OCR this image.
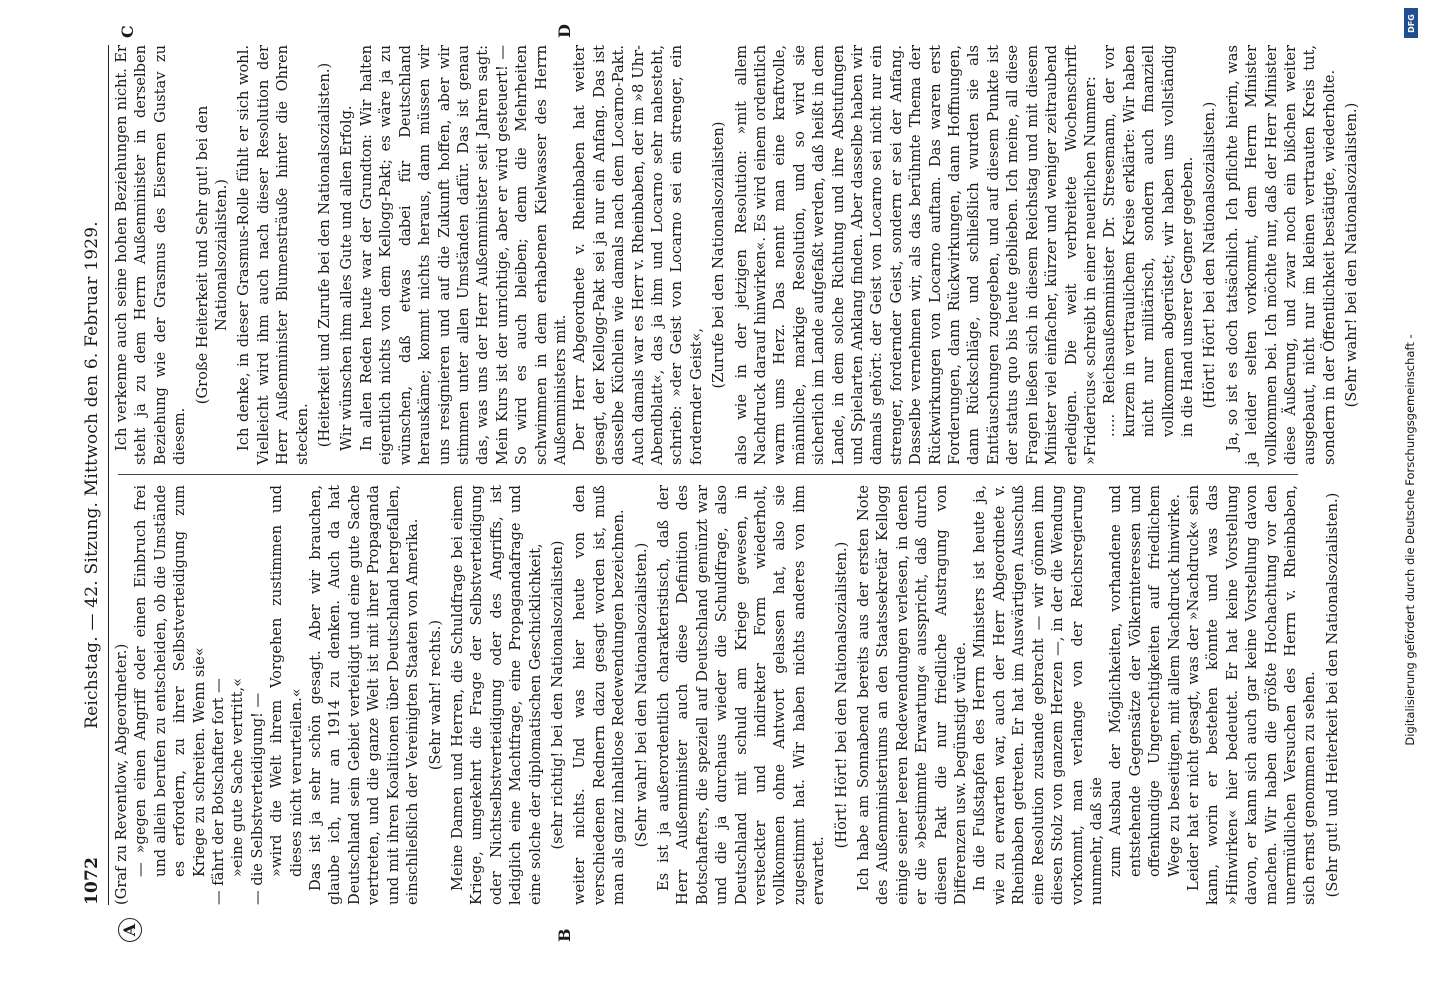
1072
Reichstag. — 42. Sitzung. Mittwoch den 6. Februar 1929.
A	B
C	D

(Graf zu Reventlow, Abgeordneter.) — »gegen einen Angriff oder einen Einbruch frei und allein berufen zu entscheiden, ob die Umstände es erfordern, zu ihrer Selbstverteidigung zum Kriege zu schreiten. Wenn sie« — fährt der Botschafter fort — »eine gute Sache vertritt,« — die Selbstverteidigung! — »wird die Welt ihrem Vorgehen zustimmen und dieses nicht verurteilen.« Das ist ja sehr schön gesagt. Aber wir brauchen, glaube ich, nur an 1914 zu denken. Auch da hat Deutschland sein Gebiet verteidigt und eine gute Sache vertreten, und die ganze Welt ist mit ihrer Propaganda und mit ihren Koalitionen über Deutschland hergefallen, einschließlich der Vereinigten Staaten von Amerika. (Sehr wahr! rechts.) Meine Damen und Herren, die Schuldfrage bei einem Kriege, umgekehrt die Frage der Selbstverteidigung oder Nichtselbstverteidigung oder des Angriffs, ist lediglich eine Machtfrage, eine Propagandafrage und eine solche der diplomatischen Geschicklichkeit, (sehr richtig! bei den Nationalsozialisten) weiter nichts. Und was hier heute von den verschiedenen Rednern dazu gesagt worden ist, muß man als ganz inhaltlose Redewendungen bezeichnen. (Sehr wahr! bei den Nationalsozialisten.) Es ist ja außerordentlich charakteristisch, daß der Herr Außenminister auch diese Definition des Botschafters, die speziell auf Deutschland gemünzt war und die ja durchaus wieder die Schuldfrage, also Deutschland mit schuld am Kriege gewesen, in versteckter und indirekter Form wiederholt, vollkommen ohne Antwort gelassen hat, also sie zugestimmt hat. Wir haben nichts anderes von ihm erwartet.

(Hört! Hört! bei den Nationalsozialisten.) Ich habe am Sonnabend bereits aus der ersten Note des Außenministeriums an den Staatssekretär Kellogg einige seiner leeren Redewendungen verlesen, in denen er die »bestimmte Erwartung« ausspricht, daß durch diesen Pakt die nur friedliche Austragung von Differenzen usw. begünstigt würde. In die Fußstapfen des Herrn Ministers ist heute ja, wie zu erwarten war, auch der Herr Abgeordnete v. Rheinbaben getreten. Er hat im Auswärtigen Ausschuß eine Resolution zustande gebracht — wir gönnen ihm diesen Stolz von ganzem Herzen —, in der die Wendung vorkommt, man verlange von der Reichsregierung nunmehr, daß sie zum Ausbau der Möglichkeiten, vorhandene und entstehende Gegensätze der Völkerinteressen und offenkundige Ungerechtigkeiten auf friedlichem Wege zu beseitigen, mit allem Nachdruck hinwirke. Leider hat er nicht gesagt, was der »Nachdruck« sein kann, worin er bestehen könnte und was das »Hinwirken« hier bedeutet. Er hat keine Vorstellung davon, er kann sich auch gar keine Vorstellung davon machen. Wir haben die größte Hochachtung vor den unermüdlichen Versuchen des Herrn v. Rheinbaben, sich ernst genommen zu sehen. (Sehr gut! und Heiterkeit bei den Nationalsozialisten.)

Ich verkenne auch seine hohen Beziehungen nicht. Er steht ja zu dem Herrn Außenminister in derselben Beziehung wie der Grasmus des Eisernen Gustav zu diesem.

(Große Heiterkeit und Sehr gut! bei den Nationalsozialisten.) Ich denke, in dieser Grasmus-Rolle fühlt er sich wohl. Vielleicht wird ihm auch nach dieser Resolution der Herr Außenminister Blumensträuße hinter die Ohren stecken. (Heiterkeit und Zurufe bei den Nationalsozialisten.) Wir wünschen ihm alles Gute und allen Erfolg. In allen Reden heute war der Grundton: Wir halten eigentlich nichts von dem Kellogg-Pakt; es wäre ja zu wünschen, daß etwas dabei für Deutschland herauskäme; kommt nichts heraus, dann müssen wir uns resignieren und auf die Zukunft hoffen, aber wir stimmen unter allen Umständen dafür. Das ist genau das, was uns der Herr Außenminister seit Jahren sagt: Mein Kurs ist der unrichtige, aber er wird gesteuert! — So wird es auch bleiben; denn die Mehrheiten schwimmen in dem erhabenen Kielwasser des Herrn Außenministers mit. Der Herr Abgeordnete v. Rheinbaben hat weiter gesagt, der Kellogg-Pakt sei ja nur ein Anfang. Das ist dasselbe Küchlein wie damals nach dem Locarno-Pakt. Auch damals war es Herr v. Rheinbaben, der im »8 Uhr-Abendblatt«, das ja ihm und Locarno sehr nahesteht, schrieb: »der Geist von Locarno sei ein strenger, ein fordernder Geist«,

(Zurufe bei den Nationalsozialisten) also wie in der jetzigen Resolution: »mit allem Nachdruck darauf hinwirken«. Es wird einem ordentlich warm ums Herz. Das nennt man eine kraftvolle, männliche, markige Resolution, und so wird sie sicherlich im Lande aufgefaßt werden, daß heißt in dem Lande, in dem solche Richtung und ihre Abstufungen und Spielarten Anklang finden. Aber dasselbe haben wir damals gehört: der Geist von Locarno sei nicht nur ein strenger, fordernder Geist, sondern er sei der Anfang. Dasselbe vernehmen wir, als das berühmte Thema der Rückwirkungen von Locarno auftam. Das waren erst Forderungen, dann Rückwirkungen, dann Hoffnungen, dann Rückschläge, und schließlich wurden sie als Enttäuschungen zugegeben, und auf diesem Punkte ist der status quo bis heute geblieben. Ich meine, all diese Fragen ließen sich in diesem Reichstag und mit diesem Minister viel einfacher, kürzer und weniger zeitraubend erledigen. Die weit verbreitete Wochenschrift »Fridericus« schreibt in einer neuerlichen Nummer: ..... Reichsaußenminister Dr. Stresemann, der vor kurzem in vertraulichem Kreise erklärte: Wir haben nicht nur militärisch, sondern auch finanziell vollkommen abgerüstet; wir haben uns vollständig in die Hand unserer Gegner gegeben. (Hört! Hört! bei den Nationalsozialisten.) Ja, so ist es doch tatsächlich. Ich pflichte hierin, was ja leider selten vorkommt, dem Herrn Minister vollkommen bei. Ich möchte nur, daß der Herr Minister diese Äußerung, und zwar noch ein bißchen weiter ausgebaut, nicht nur im kleinen vertrauten Kreis tut, sondern in der Öffentlichkeit bestätigte, wiederholte. (Sehr wahr! bei den Nationalsozialisten.)

DFG
Digitalisierung gefördert durch die Deutsche Forschungsgemeinschaft -
